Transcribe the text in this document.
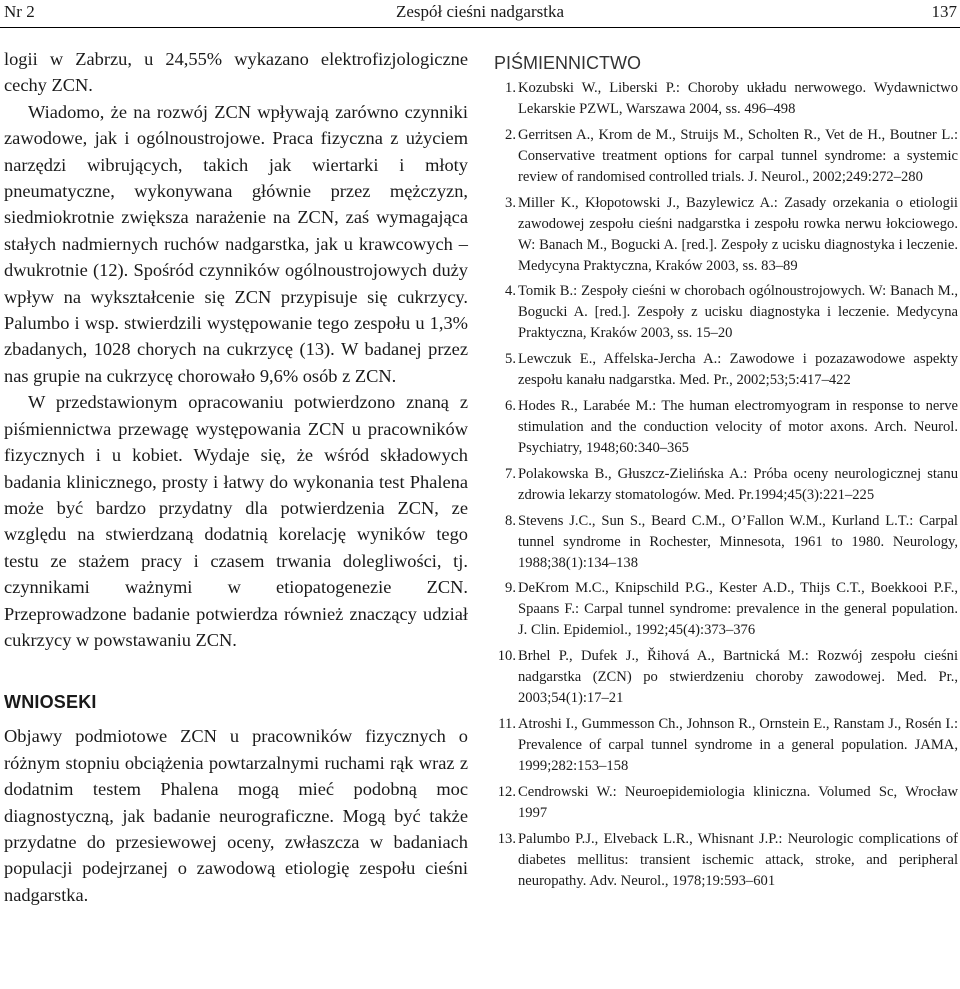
Nr 2	Zespół cieśni nadgarstka	137

logii w Zabrzu, u 24,55% wykazano elektrofizjologiczne cechy ZCN.

Wiadomo, że na rozwój ZCN wpływają zarówno czynniki zawodowe, jak i ogólnoustrojowe. Praca fizyczna z użyciem narzędzi wibrujących, takich jak wiertarki i młoty pneumatyczne, wykonywana głównie przez mężczyzn, siedmiokrotnie zwiększa narażenie na ZCN, zaś wymagająca stałych nadmiernych ruchów nadgarstka, jak u krawcowych – dwukrotnie (12). Spośród czynników ogólnoustrojowych duży wpływ na wykształcenie się ZCN przypisuje się cukrzycy. Palumbo i wsp. stwierdzili występowanie tego zespołu u 1,3% zbadanych, 1028 chorych na cukrzycę (13). W badanej przez nas grupie na cukrzycę chorowało 9,6% osób z ZCN.

W przedstawionym opracowaniu potwierdzono znaną z piśmiennictwa przewagę występowania ZCN u pracowników fizycznych i u kobiet. Wydaje się, że wśród składowych badania klinicznego, prosty i łatwy do wykonania test Phalena może być bardzo przydatny dla potwierdzenia ZCN, ze względu na stwierdzaną dodatnią korelację wyników tego testu ze stażem pracy i czasem trwania dolegliwości, tj. czynnikami ważnymi w etiopatogenezie ZCN. Przeprowadzone badanie potwierdza również znaczący udział cukrzycy w powstawaniu ZCN.

WNIOSEKI

Objawy podmiotowe ZCN u pracowników fizycznych o różnym stopniu obciążenia powtarzalnymi ruchami rąk wraz z dodatnim testem Phalena mogą mieć podobną moc diagnostyczną, jak badanie neurograficzne. Mogą być także przydatne do przesiewowej oceny, zwłaszcza w badaniach populacji podejrzanej o zawodową etiologię zespołu cieśni nadgarstka.

PIŚMIENNICTWO
1. Kozubski W., Liberski P.: Choroby układu nerwowego. Wydawnictwo Lekarskie PZWL, Warszawa 2004, ss. 496–498
2. Gerritsen A., Krom de M., Struijs M., Scholten R., Vet de H., Boutner L.: Conservative treatment options for carpal tunnel syndrome: a systemic review of randomised controlled trials. J. Neurol., 2002;249:272–280
3. Miller K., Kłopotowski J., Bazylewicz A.: Zasady orzekania o etiologii zawodowej zespołu cieśni nadgarstka i zespołu rowka nerwu łokciowego. W: Banach M., Bogucki A. [red.]. Zespoły z ucisku diagnostyka i leczenie. Medycyna Praktyczna, Kraków 2003, ss. 83–89
4. Tomik B.: Zespoły cieśni w chorobach ogólnoustrojowych. W: Banach M., Bogucki A. [red.]. Zespoły z ucisku diagnostyka i leczenie. Medycyna Praktyczna, Kraków 2003, ss. 15–20
5. Lewczuk E., Affelska-Jercha A.: Zawodowe i pozazawodowe aspekty zespołu kanału nadgarstka. Med. Pr., 2002;53;5:417–422
6. Hodes R., Larabée M.: The human electromyogram in response to nerve stimulation and the conduction velocity of motor axons. Arch. Neurol. Psychiatry, 1948;60:340–365
7. Polakowska B., Głuszcz-Zielińska A.: Próba oceny neurologicznej stanu zdrowia lekarzy stomatologów. Med. Pr.1994;45(3):221–225
8. Stevens J.C., Sun S., Beard C.M., O’Fallon W.M., Kurland L.T.: Carpal tunnel syndrome in Rochester, Minnesota, 1961 to 1980. Neurology, 1988;38(1):134–138
9. DeKrom M.C., Knipschild P.G., Kester A.D., Thijs C.T., Boekkooi P.F., Spaans F.: Carpal tunnel syndrome: prevalence in the general population. J. Clin. Epidemiol., 1992;45(4):373–376
10. Brhel P., Dufek J., Řihová A., Bartnická M.: Rozwój zespołu cieśni nadgarstka (ZCN) po stwierdzeniu choroby zawodowej. Med. Pr., 2003;54(1):17–21
11. Atroshi I., Gummesson Ch., Johnson R., Ornstein E., Ranstam J., Rosén I.: Prevalence of carpal tunnel syndrome in a general population. JAMA, 1999;282:153–158
12. Cendrowski W.: Neuroepidemiologia kliniczna. Volumed Sc, Wrocław 1997
13. Palumbo P.J., Elveback L.R., Whisnant J.P.: Neurologic complications of diabetes mellitus: transient ischemic attack, stroke, and peripheral neuropathy. Adv. Neurol., 1978;19:593–601
